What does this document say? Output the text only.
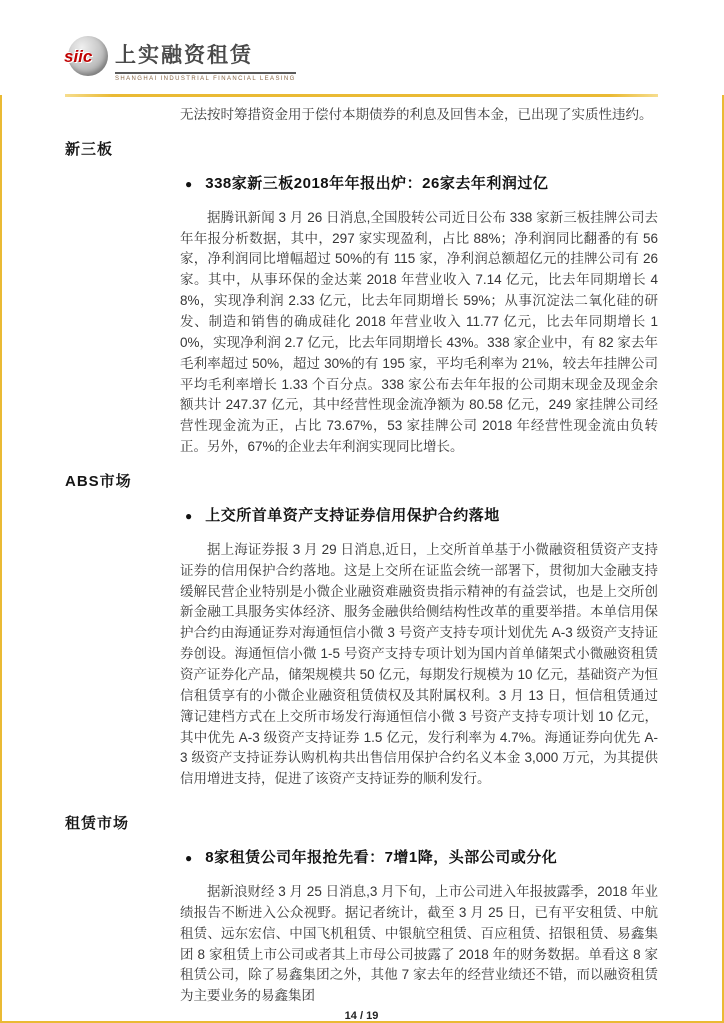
siic 上实融资租赁
SHANGHAI INDUSTRIAL FINANCIAL LEASING

无法按时筹措资金用于偿付本期债券的利息及回售本金，已出现了实质性违约。

新三板
● 338家新三板2018年年报出炉：26家去年利润过亿

据腾讯新闻 3 月 26 日消息,全国股转公司近日公布 338 家新三板挂牌公司去年年报分析数据，其中，297 家实现盈利，占比 88%；净利润同比翻番的有 56 家，净利润同比增幅超过 50%的有 115 家，净利润总额超亿元的挂牌公司有 26 家。其中，从事环保的金达莱 2018 年营业收入 7.14 亿元，比去年同期增长 48%，实现净利润 2.33 亿元，比去年同期增长 59%；从事沉淀法二氧化硅的研发、制造和销售的确成硅化 2018 年营业收入 11.77 亿元，比去年同期增长 10%，实现净利润 2.7 亿元，比去年同期增长 43%。338 家企业中，有 82 家去年毛利率超过 50%，超过 30%的有 195 家，平均毛利率为 21%，较去年挂牌公司平均毛利率增长 1.33 个百分点。338 家公布去年年报的公司期末现金及现金余额共计 247.37 亿元，其中经营性现金流净额为 80.58 亿元，249 家挂牌公司经营性现金流为正，占比 73.67%，53 家挂牌公司 2018 年经营性现金流由负转正。另外，67%的企业去年利润实现同比增长。

ABS市场
● 上交所首单资产支持证券信用保护合约落地

据上海证券报 3 月 29 日消息,近日，上交所首单基于小微融资租赁资产支持证券的信用保护合约落地。这是上交所在证监会统一部署下，贯彻加大金融支持缓解民营企业特别是小微企业融资难融资贵指示精神的有益尝试，也是上交所创新金融工具服务实体经济、服务金融供给侧结构性改革的重要举措。本单信用保护合约由海通证券对海通恒信小微 3 号资产支持专项计划优先 A-3 级资产支持证券创设。海通恒信小微 1-5 号资产支持专项计划为国内首单储架式小微融资租赁资产证券化产品，储架规模共 50 亿元，每期发行规模为 10 亿元，基础资产为恒信租赁享有的小微企业融资租赁债权及其附属权利。3 月 13 日，恒信租赁通过簿记建档方式在上交所市场发行海通恒信小微 3 号资产支持专项计划 10 亿元，其中优先 A-3 级资产支持证券 1.5 亿元，发行利率为 4.7%。海通证券向优先 A-3 级资产支持证券认购机构共出售信用保护合约名义本金 3,000 万元，为其提供信用增进支持，促进了该资产支持证券的顺利发行。

租赁市场
● 8家租赁公司年报抢先看：7增1降，头部公司或分化

据新浪财经 3 月 25 日消息,3 月下旬，上市公司进入年报披露季，2018 年业绩报告不断进入公众视野。据记者统计，截至 3 月 25 日，已有平安租赁、中航租赁、远东宏信、中国飞机租赁、中银航空租赁、百应租赁、招银租赁、易鑫集团 8 家租赁上市公司或者其上市母公司披露了 2018 年的财务数据。单看这 8 家租赁公司，除了易鑫集团之外，其他 7 家去年的经营业绩还不错，而以融资租赁为主要业务的易鑫集团

14 / 19
